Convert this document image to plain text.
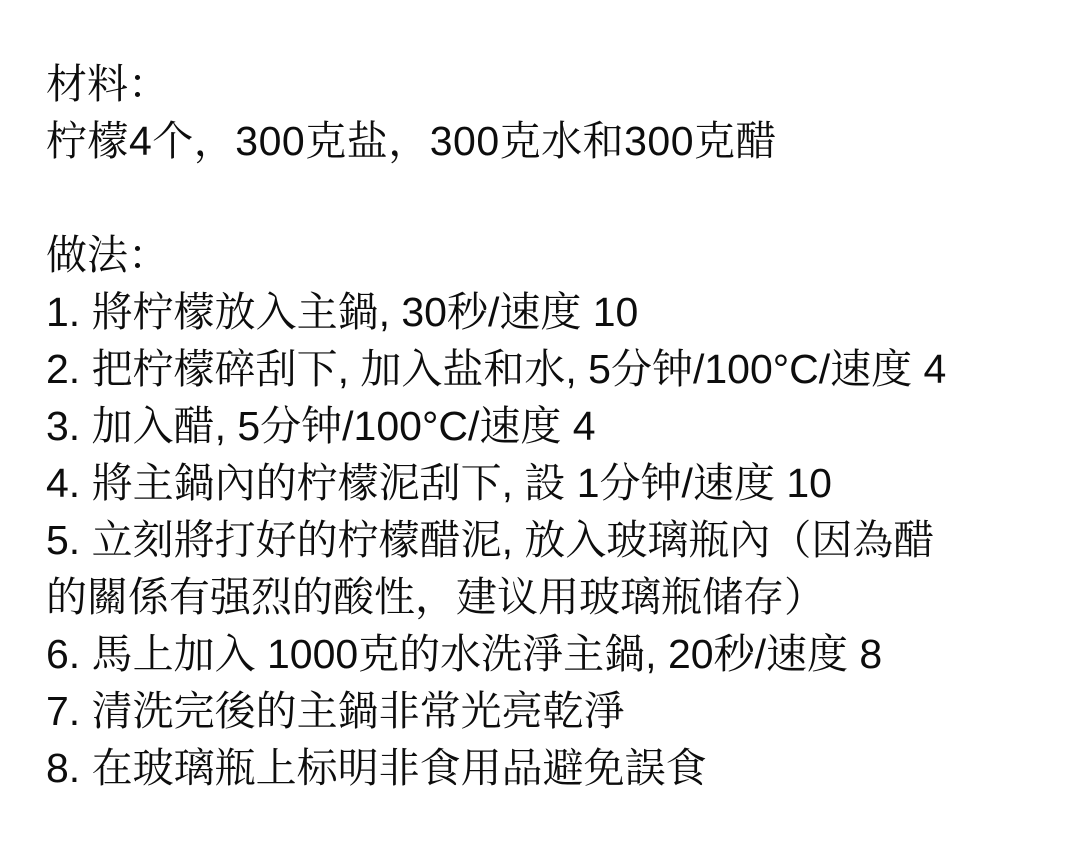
材料：
柠檬4个，300克盐，300克水和300克醋
做法：
1. 將柠檬放入主鍋, 30秒/速度 10
2. 把柠檬碎刮下, 加入盐和水, 5分钟/100°C/速度 4
3. 加入醋, 5分钟/100°C/速度 4
4. 將主鍋內的柠檬泥刮下, 設 1分钟/速度 10
5. 立刻將打好的柠檬醋泥, 放入玻璃瓶內（因為醋
的關係有强烈的酸性，建议用玻璃瓶储存）
6. 馬上加入 1000克的水洗淨主鍋, 20秒/速度 8
7. 清洗完後的主鍋非常光亮乾淨
8. 在玻璃瓶上标明非食用品避免誤食
